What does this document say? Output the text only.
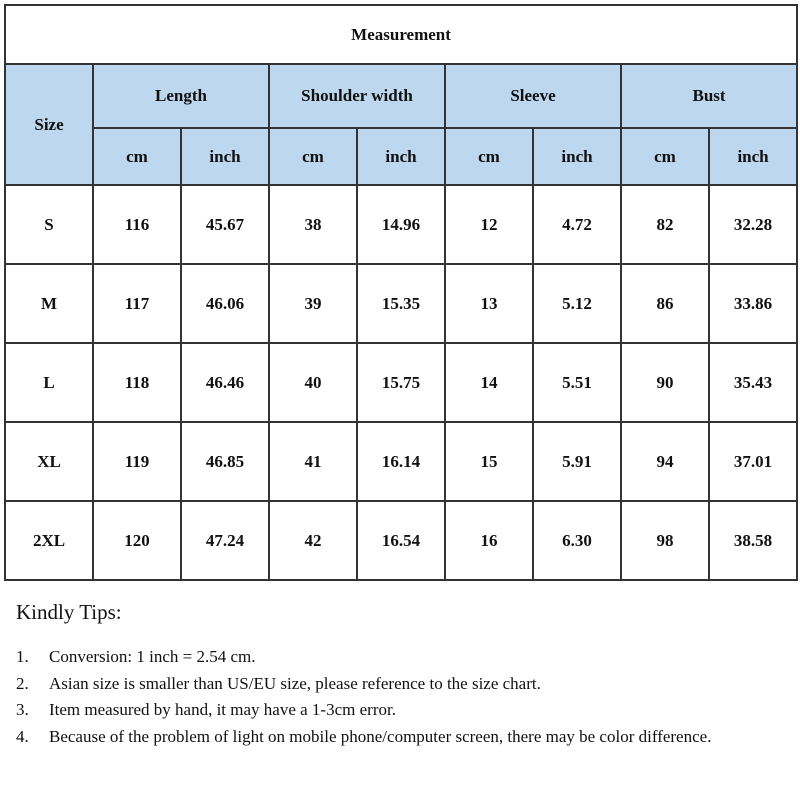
Measurement								
Size	Length		Shoulder width		Sleeve		Bust	
	cm	inch	cm	inch	cm	inch	cm	inch
S	116	45.67	38	14.96	12	4.72	82	32.28
M	117	46.06	39	15.35	13	5.12	86	33.86
L	118	46.46	40	15.75	14	5.51	90	35.43
XL	119	46.85	41	16.14	15	5.91	94	37.01
2XL	120	47.24	42	16.54	16	6.30	98	38.58
Kindly Tips:
1. Conversion: 1 inch = 2.54 cm.
2. Asian size is smaller than US/EU size, please reference to the size chart.
3. Item measured by hand, it may have a 1-3cm error.
4. Because of the problem of light on mobile phone/computer screen, there may be color difference.
